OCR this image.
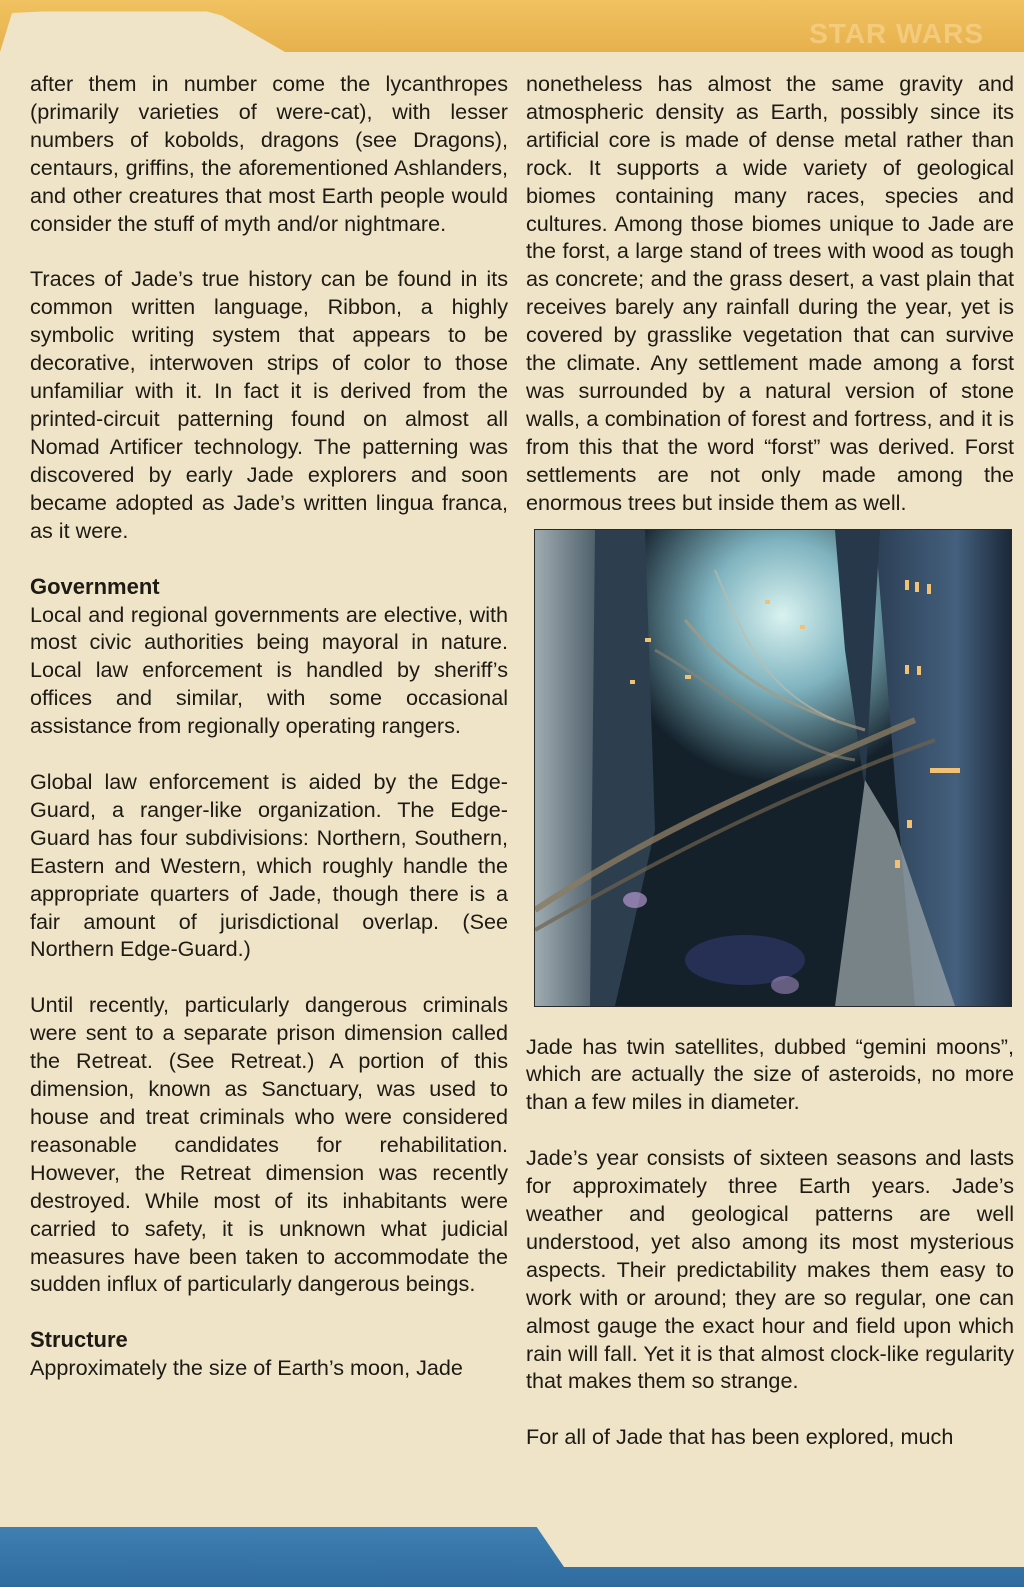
STAR WARS

after them in number come the lycanthropes (primarily varieties of were-cat), with lesser numbers of kobolds, dragons (see Dragons), centaurs, griffins, the aforementioned Ashlanders, and other creatures that most Earth people would consider the stuff of myth and/or nightmare.

Traces of Jade’s true history can be found in its common written language, Ribbon, a highly symbolic writing system that appears to be decorative, interwoven strips of color to those unfamiliar with it. In fact it is derived from the printed-circuit patterning found on almost all Nomad Artificer technology. The patterning was discovered by early Jade explorers and soon became adopted as Jade’s written lingua franca, as it were.

Government

Local and regional governments are elective, with most civic authorities being mayoral in nature. Local law enforcement is handled by sheriff’s offices and similar, with some occasional assistance from regionally operating rangers.

Global law enforcement is aided by the Edge-Guard, a ranger-like organization. The Edge-Guard has four subdivisions: Northern, Southern, Eastern and Western, which roughly handle the appropriate quarters of Jade, though there is a fair amount of jurisdictional overlap. (See Northern Edge-Guard.)

Until recently, particularly dangerous criminals were sent to a separate prison dimension called the Retreat. (See Retreat.) A portion of this dimension, known as Sanctuary, was used to house and treat criminals who were considered reasonable candidates for rehabilitation. However, the Retreat dimension was recently destroyed. While most of its inhabitants were carried to safety, it is unknown what judicial measures have been taken to accommodate the sudden influx of particularly dangerous beings.

Structure

Approximately the size of Earth’s moon, Jade

nonetheless has almost the same gravity and atmospheric density as Earth, possibly since its artificial core is made of dense metal rather than rock. It supports a wide variety of geological biomes containing many races, species and cultures. Among those biomes unique to Jade are the forst, a large stand of trees with wood as tough as concrete; and the grass desert, a vast plain that receives barely any rainfall during the year, yet is covered by grasslike vegetation that can survive the climate. Any settlement made among a forst was surrounded by a natural version of stone walls, a combination of forest and fortress, and it is from this that the word “forst” was derived. Forst settlements are not only made among the enormous trees but inside them as well.

Jade has twin satellites, dubbed “gemini moons”, which are actually the size of asteroids, no more than a few miles in diameter.

Jade’s year consists of sixteen seasons and lasts for approximately three Earth years. Jade’s weather and geological patterns are well understood, yet also among its most mysterious aspects. Their predictability makes them easy to work with or around; they are so regular, one can almost gauge the exact hour and field upon which rain will fall. Yet it is that almost clock-like regularity that makes them so strange.

For all of Jade that has been explored, much
